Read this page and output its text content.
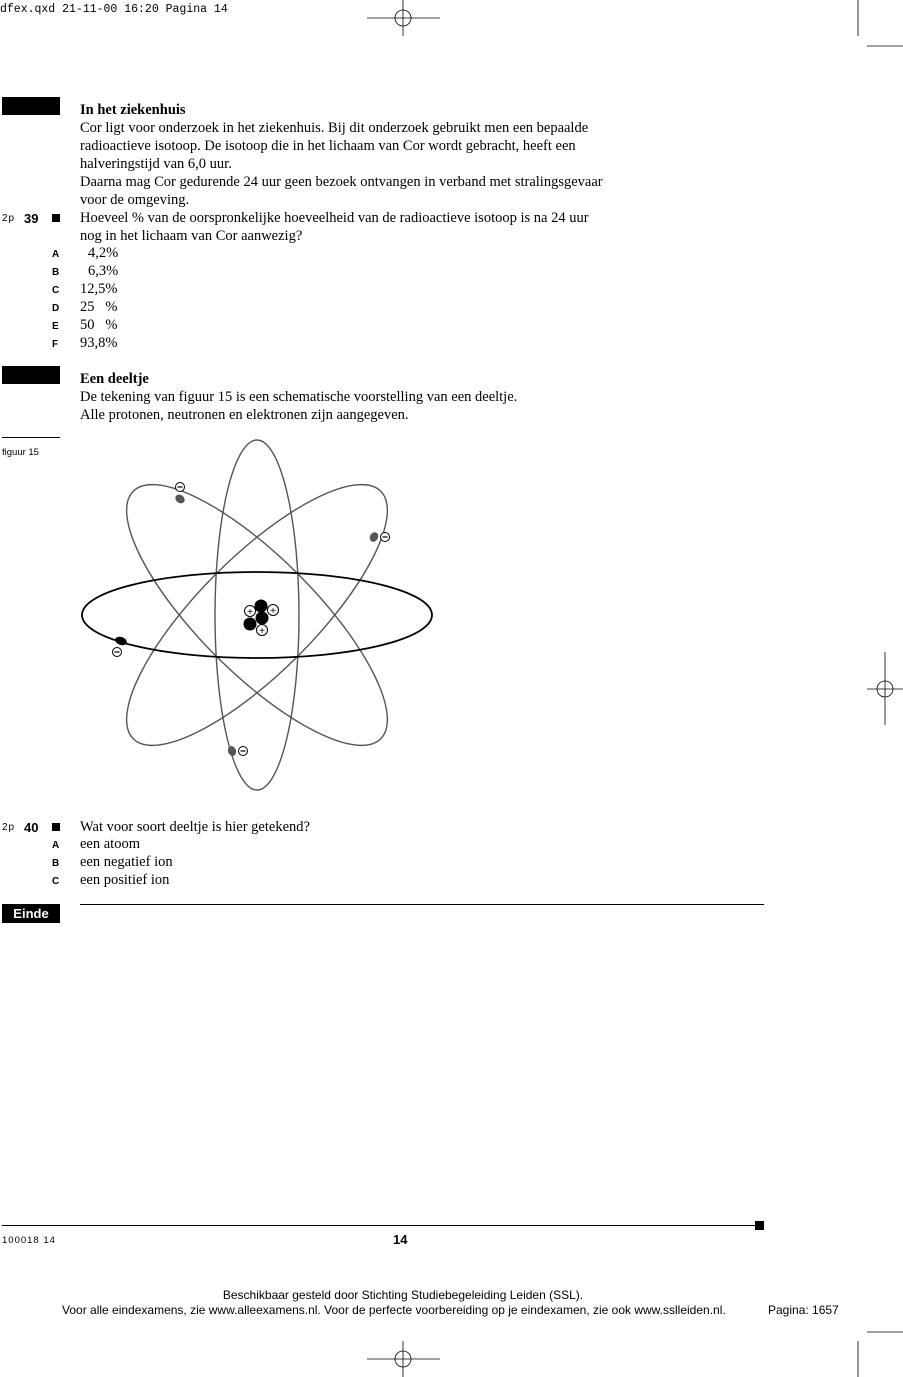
dfex.qxd 21-11-00 16:20 Pagina 14
In het ziekenhuis
Cor ligt voor onderzoek in het ziekenhuis. Bij dit onderzoek gebruikt men een bepaalde
radioactieve isotoop. De isotoop die in het lichaam van Cor wordt gebracht, heeft een
halveringstijd van 6,0 uur.
Daarna mag Cor gedurende 24 uur geen bezoek ontvangen in verband met stralingsgevaar
voor de omgeving.
2p 39	Hoeveel % van de oorspronkelijke hoeveelheid van de radioactieve isotoop is na 24 uur
nog in het lichaam van Cor aanwezig?
A 4,2%
B 6,3%
C 12,5%
D 25   %
E 50   %
F 93,8%
Een deeltje
De tekening van figuur 15 is een schematische voorstelling van een deeltje.
Alle protonen, neutronen en elektronen zijn aangegeven.
figuur 15
+ +
+
2p 40	Wat voor soort deeltje is hier getekend?
A een atoom
B een negatief ion
C een positief ion
Einde
100018 14	14
Beschikbaar gesteld door Stichting Studiebegeleiding Leiden (SSL).
Voor alle eindexamens, zie www.alleexamens.nl. Voor de perfecte voorbereiding op je eindexamen, zie ook www.sslleiden.nl.	Pagina: 1657
